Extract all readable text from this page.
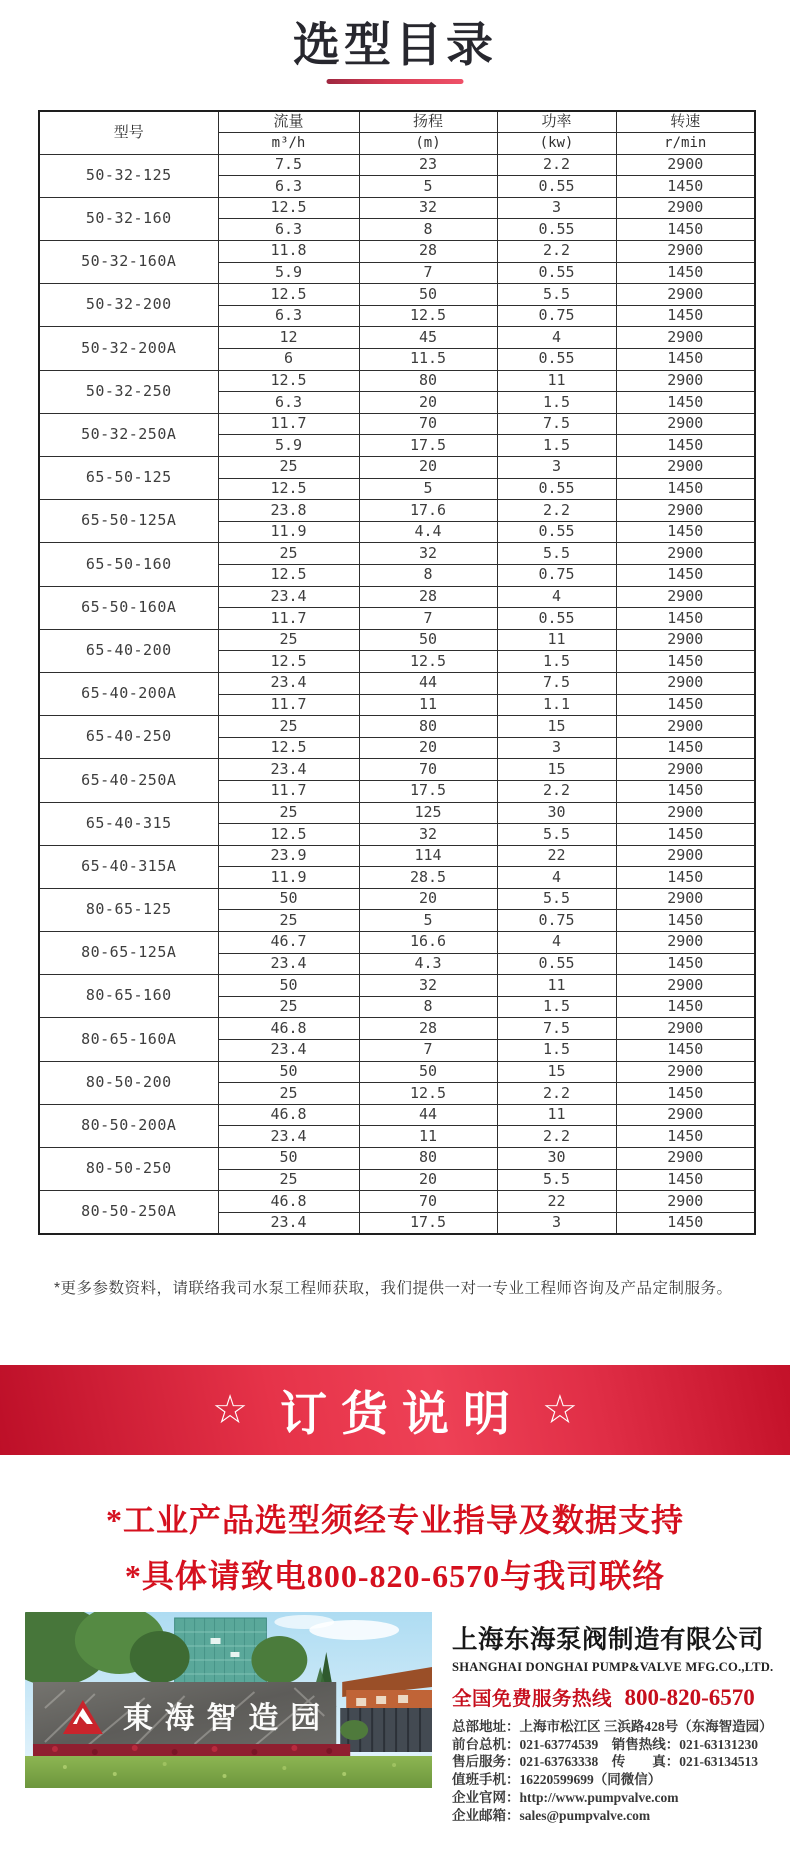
选型目录
型号	流量	扬程	功率	转速
	m³/h	(m)	(kw)	r/min
50-32-125	7.5	23	2.2	2900
	6.3	5	0.55	1450
50-32-160	12.5	32	3	2900
	6.3	8	0.55	1450
50-32-160A	11.8	28	2.2	2900
	5.9	7	0.55	1450
50-32-200	12.5	50	5.5	2900
	6.3	12.5	0.75	1450
50-32-200A	12	45	4	2900
	6	11.5	0.55	1450
50-32-250	12.5	80	11	2900
	6.3	20	1.5	1450
50-32-250A	11.7	70	7.5	2900
	5.9	17.5	1.5	1450
65-50-125	25	20	3	2900
	12.5	5	0.55	1450
65-50-125A	23.8	17.6	2.2	2900
	11.9	4.4	0.55	1450
65-50-160	25	32	5.5	2900
	12.5	8	0.75	1450
65-50-160A	23.4	28	4	2900
	11.7	7	0.55	1450
65-40-200	25	50	11	2900
	12.5	12.5	1.5	1450
65-40-200A	23.4	44	7.5	2900
	11.7	11	1.1	1450
65-40-250	25	80	15	2900
	12.5	20	3	1450
65-40-250A	23.4	70	15	2900
	11.7	17.5	2.2	1450
65-40-315	25	125	30	2900
	12.5	32	5.5	1450
65-40-315A	23.9	114	22	2900
	11.9	28.5	4	1450
80-65-125	50	20	5.5	2900
	25	5	0.75	1450
80-65-125A	46.7	16.6	4	2900
	23.4	4.3	0.55	1450
80-65-160	50	32	11	2900
	25	8	1.5	1450
80-65-160A	46.8	28	7.5	2900
	23.4	7	1.5	1450
80-50-200	50	50	15	2900
	25	12.5	2.2	1450
80-50-200A	46.8	44	11	2900
	23.4	11	2.2	1450
80-50-250	50	80	30	2900
	25	20	5.5	1450
80-50-250A	46.8	70	22	2900
	23.4	17.5	3	1450
*更多参数资料，请联络我司水泵工程师获取，我们提供一对一专业工程师咨询及产品定制服务。
☆ 订货说明 ☆
*工业产品选型须经专业指导及数据支持
*具体请致电800-820-6570与我司联络
東海智造园
上海东海泵阀制造有限公司
SHANGHAI DONGHAI PUMP&VALVE MFG.CO.,LTD.
全国免费服务热线 800-820-6570
总部地址：上海市松江区 三浜路428号（东海智造园）
前台总机：021-63774539　销售热线：021-63131230
售后服务：021-63763338　传　　真：021-63134513
值班手机：16220599699（同微信）
企业官网：http://www.pumpvalve.com
企业邮箱：sales@pumpvalve.com
